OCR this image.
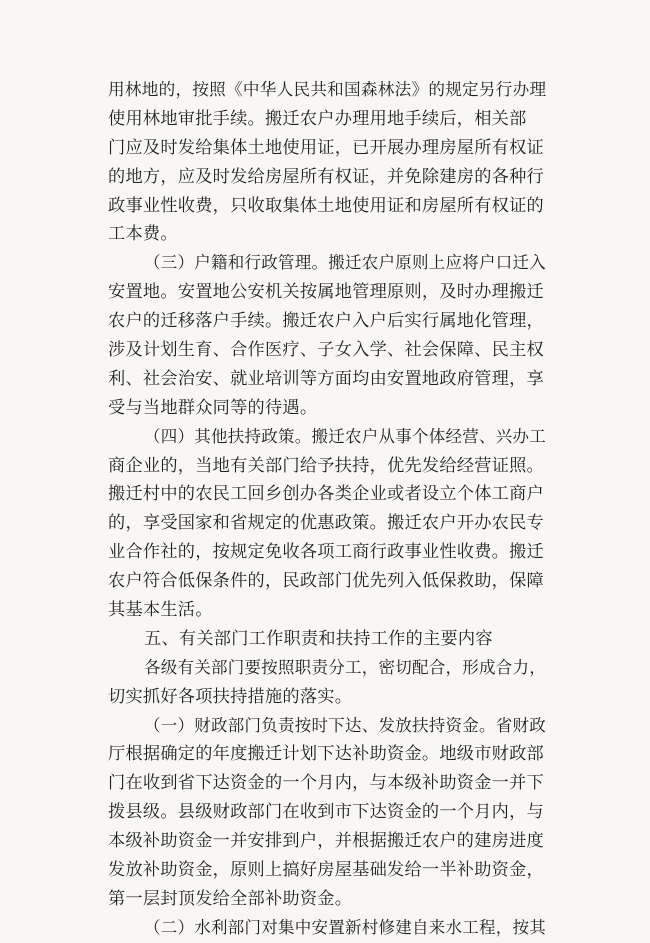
用林地的，按照《中华人民共和国森林法》的规定另行办理
使用林地审批手续。搬迁农户办理用地手续后，相关部
门应及时发给集体土地使用证，已开展办理房屋所有权证
的地方，应及时发给房屋所有权证，并免除建房的各种行
政事业性收费，只收取集体土地使用证和房屋所有权证的
工本费。
（三）户籍和行政管理。搬迁农户原则上应将户口迁入
安置地。安置地公安机关按属地管理原则，及时办理搬迁
农户的迁移落户手续。搬迁农户入户后实行属地化管理，
涉及计划生育、合作医疗、子女入学、社会保障、民主权
利、社会治安、就业培训等方面均由安置地政府管理，享
受与当地群众同等的待遇。
（四）其他扶持政策。搬迁农户从事个体经营、兴办工
商企业的，当地有关部门给予扶持，优先发给经营证照。
搬迁村中的农民工回乡创办各类企业或者设立个体工商户
的，享受国家和省规定的优惠政策。搬迁农户开办农民专
业合作社的，按规定免收各项工商行政事业性收费。搬迁
农户符合低保条件的，民政部门优先列入低保救助，保障
其基本生活。
五、有关部门工作职责和扶持工作的主要内容
各级有关部门要按照职责分工，密切配合，形成合力，
切实抓好各项扶持措施的落实。
（一）财政部门负责按时下达、发放扶持资金。省财政
厅根据确定的年度搬迁计划下达补助资金。地级市财政部
门在收到省下达资金的一个月内，与本级补助资金一并下
拨县级。县级财政部门在收到市下达资金的一个月内，与
本级补助资金一并安排到户，并根据搬迁农户的建房进度
发放补助资金，原则上搞好房屋基础发给一半补助资金，
第一层封顶发给全部补助资金。
（二）水利部门对集中安置新村修建自来水工程，按其
